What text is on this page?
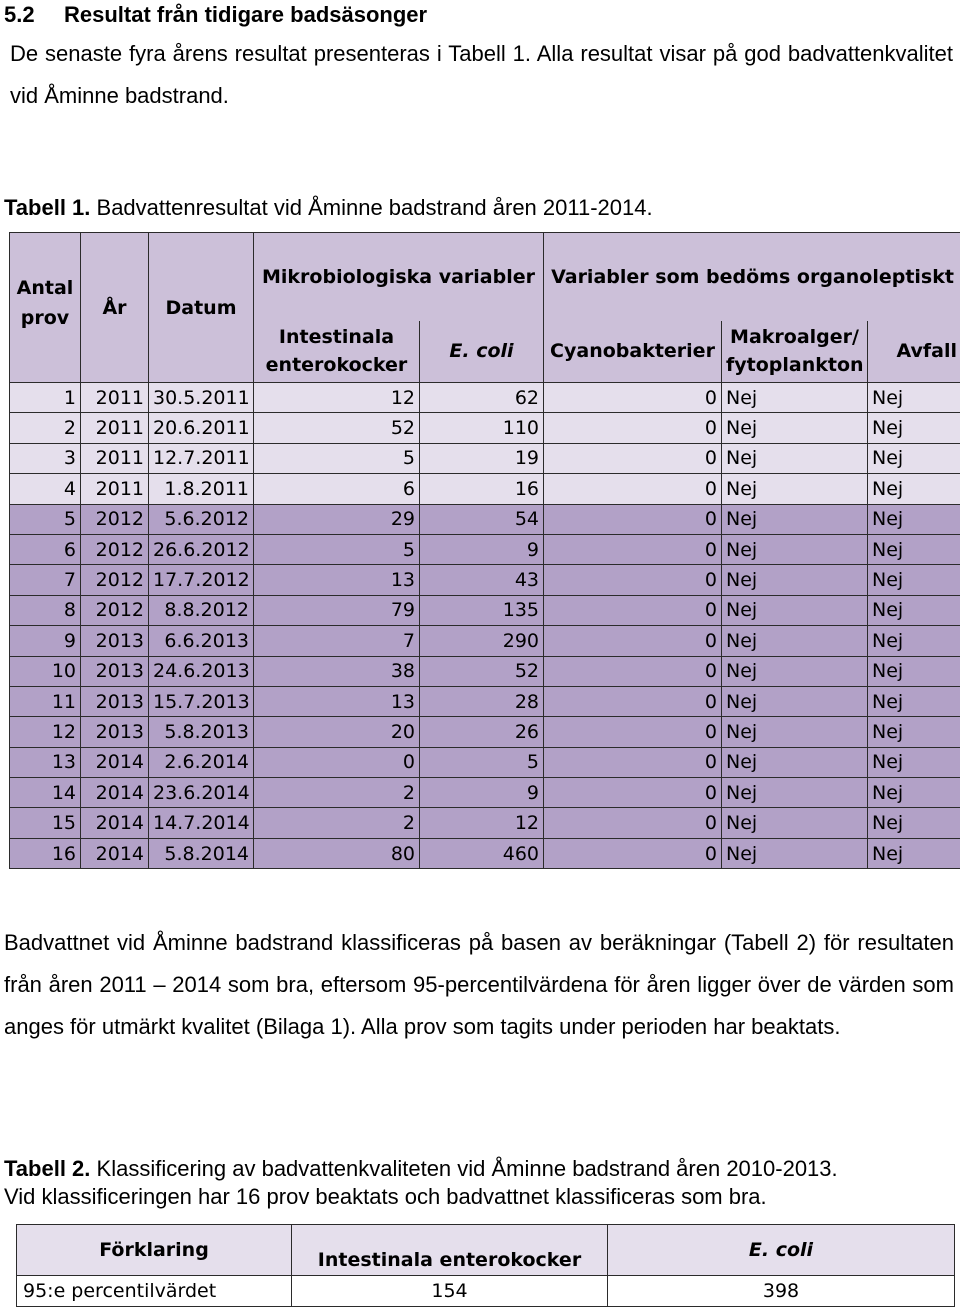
5.2 Resultat från tidigare badsäsonger
De senaste fyra årens resultat presenteras i Tabell 1. Alla resultat visar på god badvattenkvalitet vid Åminne badstrand.
Tabell 1. Badvattenresultat vid Åminne badstrand åren 2011-2014.
Antal prov	År	Datum	Mikrobiologiska variabler		Variabler som bedöms organoleptiskt		
			Intestinala enterokocker	E. coli	Cyanobakterier	Makroalger/ fytoplankton	Avfall
1	2011	30.5.2011	12	62	0	Nej	Nej
2	2011	20.6.2011	52	110	0	Nej	Nej
3	2011	12.7.2011	5	19	0	Nej	Nej
4	2011	1.8.2011	6	16	0	Nej	Nej
5	2012	5.6.2012	29	54	0	Nej	Nej
6	2012	26.6.2012	5	9	0	Nej	Nej
7	2012	17.7.2012	13	43	0	Nej	Nej
8	2012	8.8.2012	79	135	0	Nej	Nej
9	2013	6.6.2013	7	290	0	Nej	Nej
10	2013	24.6.2013	38	52	0	Nej	Nej
11	2013	15.7.2013	13	28	0	Nej	Nej
12	2013	5.8.2013	20	26	0	Nej	Nej
13	2014	2.6.2014	0	5	0	Nej	Nej
14	2014	23.6.2014	2	9	0	Nej	Nej
15	2014	14.7.2014	2	12	0	Nej	Nej
16	2014	5.8.2014	80	460	0	Nej	Nej
Badvattnet vid Åminne badstrand klassificeras på basen av beräkningar (Tabell 2) för resultaten från åren 2011 – 2014 som bra, eftersom 95-percentilvärdena för åren ligger över de värden som anges för utmärkt kvalitet (Bilaga 1). Alla prov som tagits under perioden har beaktats.
Tabell 2. Klassificering av badvattenkvaliteten vid Åminne badstrand åren 2010-2013.
Vid klassificeringen har 16 prov beaktats och badvattnet klassificeras som bra.
Förklaring	Intestinala enterokocker	E. coli
95:e percentilvärdet	154	398
